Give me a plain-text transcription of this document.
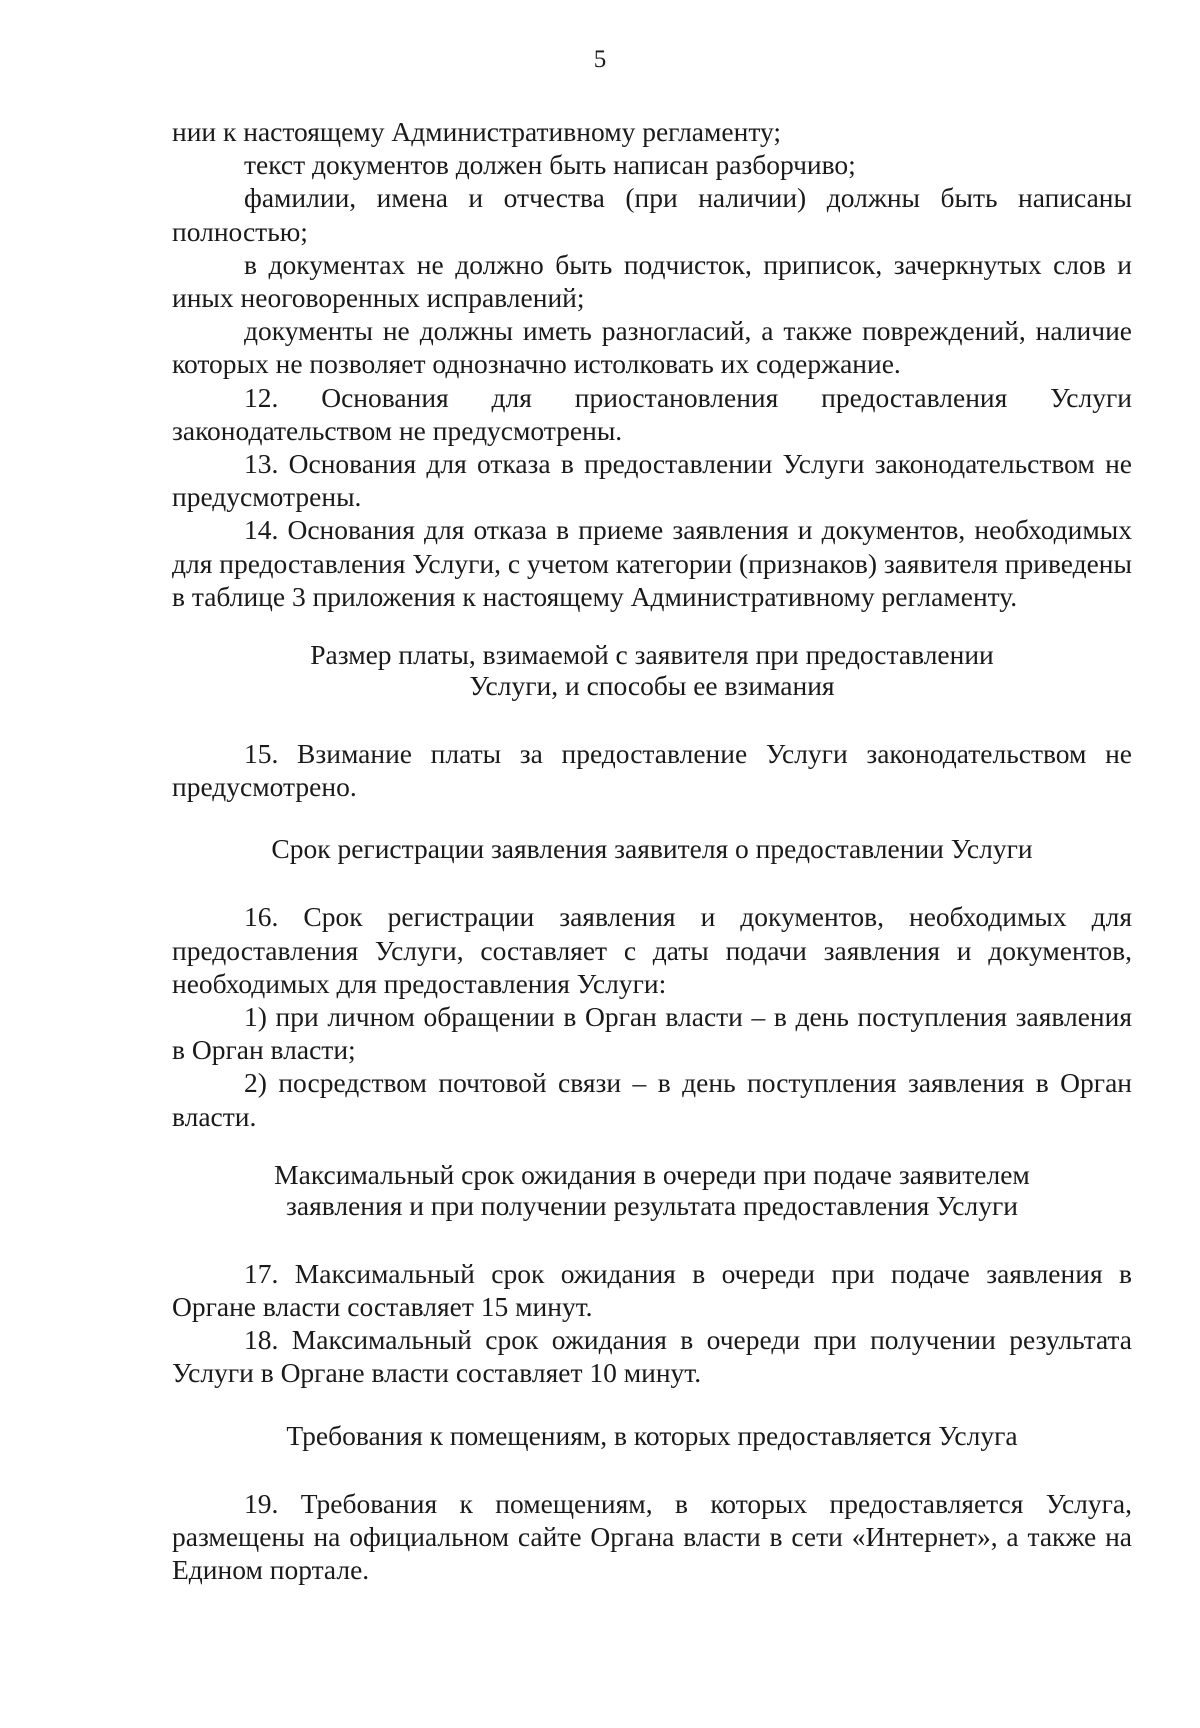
5

нии к настоящему Административному регламенту;

текст документов должен быть написан разборчиво;

фамилии, имена и отчества (при наличии) должны быть написаны полностью;

в документах не должно быть подчисток, приписок, зачеркнутых слов и иных неоговоренных исправлений;

документы не должны иметь разногласий, а также повреждений, наличие которых не позволяет однозначно истолковать их содержание.

12. Основания для приостановления предоставления Услуги законодательством не предусмотрены.

13. Основания для отказа в предоставлении Услуги законодательством не предусмотрены.

14. Основания для отказа в приеме заявления и документов, необходимых для предоставления Услуги, с учетом категории (признаков) заявителя приведены в таблице 3 приложения к настоящему Административному регламенту.

Размер платы, взимаемой с заявителя при предоставлении
Услуги, и способы ее взимания

15. Взимание платы за предоставление Услуги законодательством не предусмотрено.

Срок регистрации заявления заявителя о предоставлении Услуги

16. Срок регистрации заявления и документов, необходимых для предоставления Услуги, составляет с даты подачи заявления и документов, необходимых для предоставления Услуги:

1) при личном обращении в Орган власти – в день поступления заявления в Орган власти;

2) посредством почтовой связи – в день поступления заявления в Орган власти.

Максимальный срок ожидания в очереди при подаче заявителем
заявления и при получении результата предоставления Услуги

17. Максимальный срок ожидания в очереди при подаче заявления в Органе власти составляет 15 минут.

18. Максимальный срок ожидания в очереди при получении результата Услуги в Органе власти составляет 10 минут.

Требования к помещениям, в которых предоставляется Услуга

19. Требования к помещениям, в которых предоставляется Услуга, размещены на официальном сайте Органа власти в сети «Интернет», а также на Едином портале.
